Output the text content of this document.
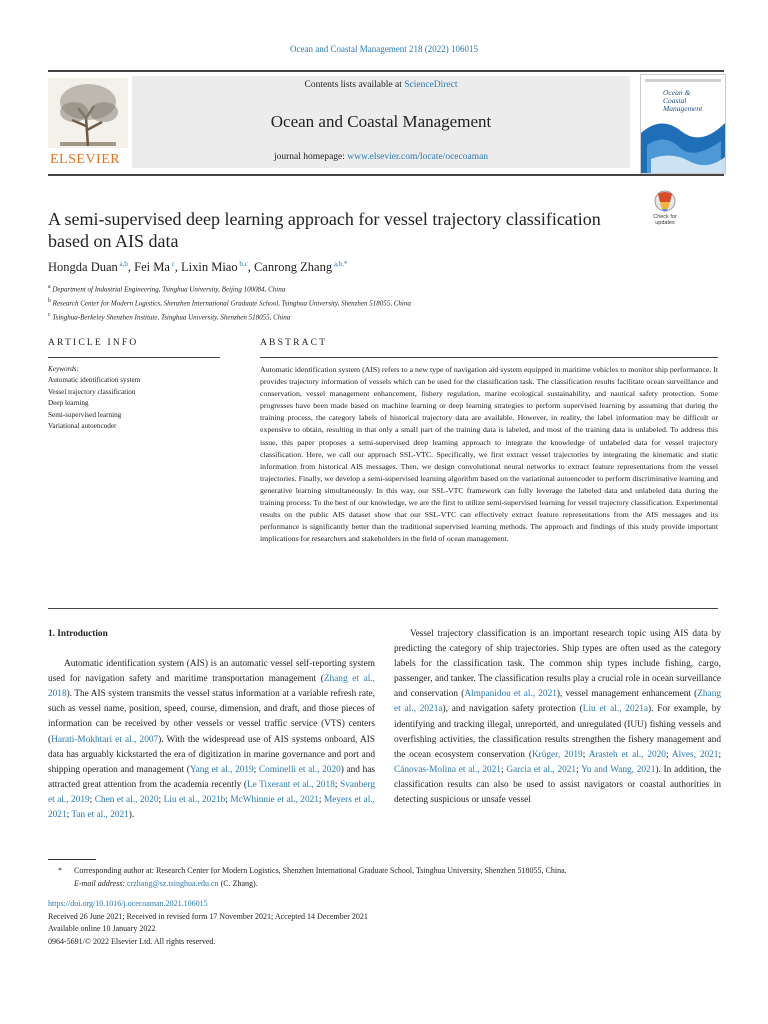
Ocean and Coastal Management 218 (2022) 106015
ELSEVIER
Contents lists available at ScienceDirect
Ocean and Coastal Management
journal homepage: www.elsevier.com/locate/ocecoaman
Ocean &
Coastal
Management
A semi-supervised deep learning approach for vessel trajectory classification based on AIS data
Check for
updates
Hongda Duan $^{a,b}$, Fei Ma $^c$, Lixin Miao $^{b,c}$, Canrong Zhang $^{a,b,*}$
$^a$ Department of Industrial Engineering, Tsinghua University, Beijing 100084, China
$^b$ Research Center for Modern Logistics, Shenzhen International Graduate School, Tsinghua University, Shenzhen 518055, China
$^c$ Tsinghua-Berkeley Shenzhen Institute, Tsinghua University, Shenzhen 518055, China
ARTICLE INFO	ABSTRACT
Keywords:
Automatic identification system
Vessel trajectory classification
Deep learning
Semi-supervised learning
Variational autoencoder
Automatic identification system (AIS) refers to a new type of navigation aid system equipped in maritime vehicles to monitor ship performance. It provides trajectory information of vessels which can be used for the classification task. The classification results facilitate ocean surveillance and conservation, vessel management enhancement, fishery regulation, marine ecological sustainability, and nautical safety protection. Some progresses have been made based on machine learning or deep learning strategies to perform supervised learning by assuming that during the training process, the category labels of historical trajectory data are available. However, in reality, the label information may be difficult or expensive to obtain, resulting in that only a small part of the training data is labeled, and most of the training data is unlabeled. To address this issue, this paper proposes a semi-supervised deep learning approach to integrate the knowledge of unlabeled data for vessel trajectory classification. Here, we call our approach SSL-VTC. Specifically, we first extract vessel trajectories by integrating the kinematic and static information from historical AIS messages. Then, we design convolutional neural networks to extract feature representations from the vessel trajectories. Finally, we develop a semi-supervised learning algorithm based on the variational autoencoder to perform discriminative learning and generative learning simultaneously. In this way, our SSL-VTC framework can fully leverage the labeled data and unlabeled data during the training process. To the best of our knowledge, we are the first to utilize semi-supervised learning for vessel trajectory classification. Experimental results on the public AIS dataset show that our SSL-VTC can effectively extract feature representations from the AIS messages and its performance is significantly better than the traditional supervised learning methods. The approach and findings of this study provide important implications for researchers and stakeholders in the field of ocean management.

1. Introduction

Automatic identification system (AIS) is an automatic vessel self-reporting system used for navigation safety and maritime transportation management (Zhang et al., 2018). The AIS system transmits the vessel status information at a variable refresh rate, such as vessel name, position, speed, course, dimension, and draft, and those pieces of information can be received by other vessels or vessel traffic service (VTS) centers (Harati-Mokhtari et al., 2007). With the widespread use of AIS systems onboard, AIS data has arguably kickstarted the era of digitization in marine governance and port and shipping operation and management (Yang et al., 2019; Cominelli et al., 2020) and has attracted great attention from the academia recently (Le Tixerant et al., 2018; Svanberg et al., 2019; Chen et al., 2020; Liu et al., 2021b; McWhinnie et al., 2021; Meyers et al., 2021; Tan et al., 2021).

Vessel trajectory classification is an important research topic using AIS data by predicting the category of ship trajectories. Ship types are often used as the category labels for the classification task. The common ship types include fishing, cargo, passenger, and tanker. The classification results play a crucial role in ocean surveillance and conservation (Almpanidou et al., 2021), vessel management enhancement (Zhang et al., 2021a), and navigation safety protection (Liu et al., 2021a). For example, by identifying and tracking illegal, unreported, and unregulated (IUU) fishing vessels and overfishing activities, the classification results strengthen the fishery management and the ocean ecosystem conservation (Krüger, 2019; Arasteh et al., 2020; Alves, 2021; Cánovas-Molina et al., 2021; Garcia et al., 2021; Yu and Wang, 2021). In addition, the classification results can also be used to assist navigators or coastal authorities in detecting suspicious or unsafe vessel

* Corresponding author at: Research Center for Modern Logistics, Shenzhen International Graduate School, Tsinghua University, Shenzhen 518055, China.
E-mail address: crzhang@sz.tsinghua.edu.cn (C. Zhang).
https://doi.org/10.1016/j.ocecoaman.2021.106015
Received 26 June 2021; Received in revised form 17 November 2021; Accepted 14 December 2021
Available online 10 January 2022
0964-5691/© 2022 Elsevier Ltd. All rights reserved.
